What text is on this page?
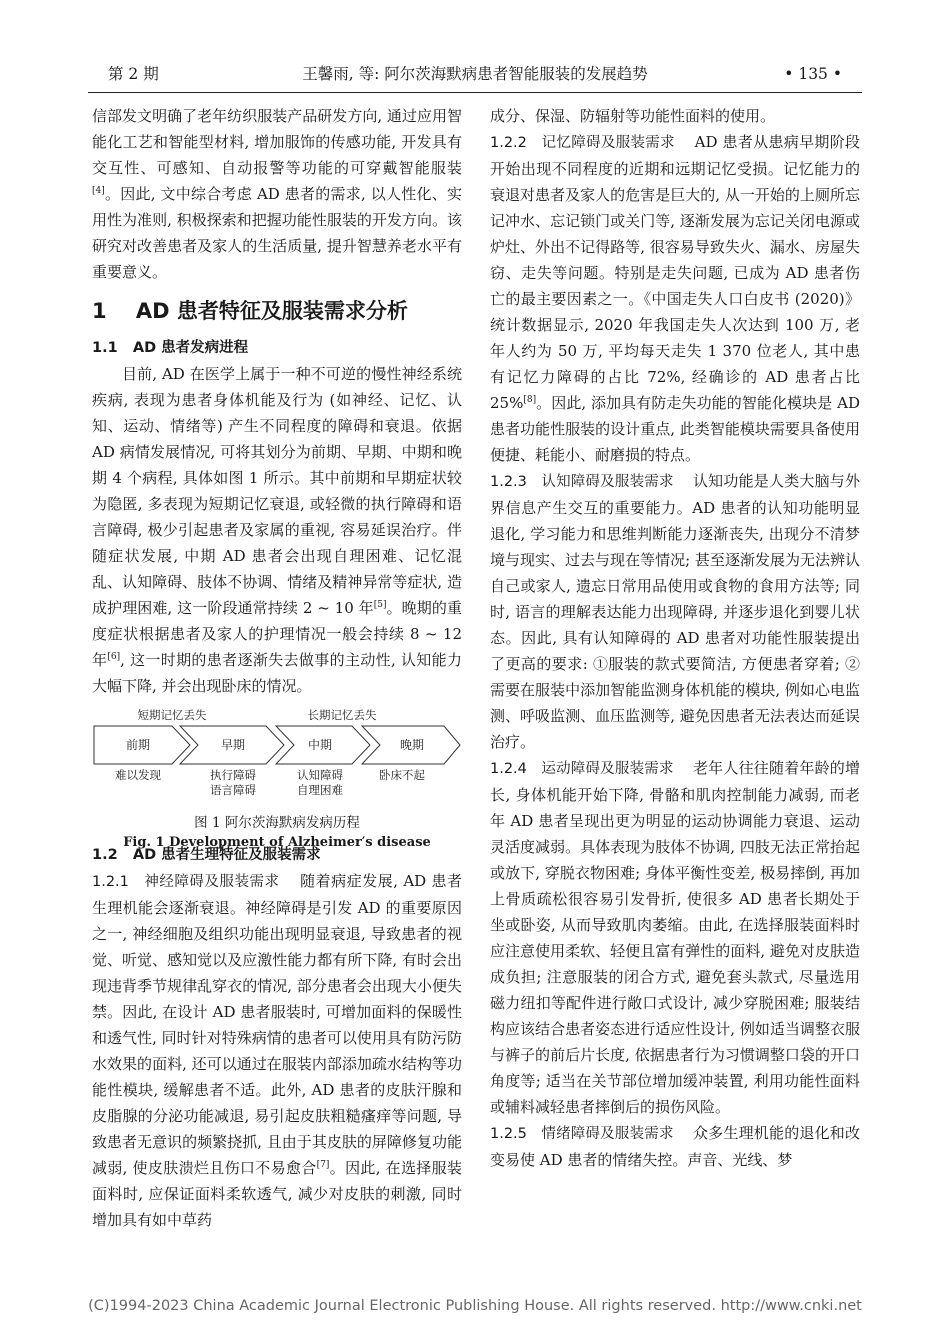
第 2 期	王馨雨, 等: 阿尔茨海默病患者智能服装的发展趋势	• 135 •

信部发文明确了老年纺织服装产品研发方向, 通过应用智能化工艺和智能型材料, 增加服饰的传感功能, 开发具有交互性、可感知、自动报警等功能的可穿戴智能服装[4]。因此, 文中综合考虑 AD 患者的需求, 以人性化、实用性为准则, 积极探索和把握功能性服装的开发方向。该研究对改善患者及家人的生活质量, 提升智慧养老水平有重要意义。

1 AD 患者特征及服装需求分析
1.1 AD 患者发病进程

目前, AD 在医学上属于一种不可逆的慢性神经系统疾病, 表现为患者身体机能及行为 (如神经、记忆、认知、运动、情绪等) 产生不同程度的障碍和衰退。依据 AD 病情发展情况, 可将其划分为前期、早期、中期和晚期 4 个病程, 具体如图 1 所示。其中前期和早期症状较为隐匿, 多表现为短期记忆衰退, 或轻微的执行障碍和语言障碍, 极少引起患者及家属的重视, 容易延误治疗。伴随症状发展, 中期 AD 患者会出现自理困难、记忆混乱、认知障碍、肢体不协调、情绪及精神异常等症状, 造成护理困难, 这一阶段通常持续 2 ~ 10 年[5]。晚期的重度症状根据患者及家人的护理情况一般会持续 8 ~ 12 年[6], 这一时期的患者逐渐失去做事的主动性, 认知能力大幅下降, 并会出现卧床的情况。

短期记忆丢失	长期记忆丢失
前期	早期	中期	晚期
难以发现	执行障碍
语言障碍
认知障碍
自理困难
卧床不起
图 1 阿尔茨海默病发病历程
Fig. 1 Development of Alzheimer′s disease
1.2 AD 患者生理特征及服装需求

1.2.1 神经障碍及服装需求 随着病症发展, AD 患者生理机能会逐渐衰退。神经障碍是引发 AD 的重要原因之一, 神经细胞及组织功能出现明显衰退, 导致患者的视觉、听觉、感知觉以及应激性能力都有所下降, 有时会出现违背季节规律乱穿衣的情况, 部分患者会出现大小便失禁。因此, 在设计 AD 患者服装时, 可增加面料的保暖性和透气性, 同时针对特殊病情的患者可以使用具有防污防水效果的面料, 还可以通过在服装内部添加疏水结构等功能性模块, 缓解患者不适。此外, AD 患者的皮肤汗腺和皮脂腺的分泌功能减退, 易引起皮肤粗糙瘙痒等问题, 导致患者无意识的频繁挠抓, 且由于其皮肤的屏障修复功能减弱, 使皮肤溃烂且伤口不易愈合[7]。因此, 在选择服装面料时, 应保证面料柔软透气, 减少对皮肤的刺激, 同时增加具有如中草药

成分、保湿、防辐射等功能性面料的使用。

1.2.2 记忆障碍及服装需求 AD 患者从患病早期阶段开始出现不同程度的近期和远期记忆受损。记忆能力的衰退对患者及家人的危害是巨大的, 从一开始的上厕所忘记冲水、忘记锁门或关门等, 逐渐发展为忘记关闭电源或炉灶、外出不记得路等, 很容易导致失火、漏水、房屋失窃、走失等问题。特别是走失问题, 已成为 AD 患者伤亡的最主要因素之一。《中国走失人口白皮书 (2020)》统计数据显示, 2020 年我国走失人次达到 100 万, 老年人约为 50 万, 平均每天走失 1 370 位老人, 其中患有记忆力障碍的占比 72%, 经确诊的 AD 患者占比 25%[8]。因此, 添加具有防走失功能的智能化模块是 AD 患者功能性服装的设计重点, 此类智能模块需要具备使用便捷、耗能小、耐磨损的特点。

1.2.3 认知障碍及服装需求 认知功能是人类大脑与外界信息产生交互的重要能力。AD 患者的认知功能明显退化, 学习能力和思维判断能力逐渐丧失, 出现分不清梦境与现实、过去与现在等情况; 甚至逐渐发展为无法辨认自己或家人, 遗忘日常用品使用或食物的食用方法等; 同时, 语言的理解表达能力出现障碍, 并逐步退化到婴儿状态。因此, 具有认知障碍的 AD 患者对功能性服装提出了更高的要求: ①服装的款式要简洁, 方便患者穿着; ②需要在服装中添加智能监测身体机能的模块, 例如心电监测、呼吸监测、血压监测等, 避免因患者无法表达而延误治疗。

1.2.4 运动障碍及服装需求 老年人往往随着年龄的增长, 身体机能开始下降, 骨骼和肌肉控制能力减弱, 而老年 AD 患者呈现出更为明显的运动协调能力衰退、运动灵活度减弱。具体表现为肢体不协调, 四肢无法正常抬起或放下, 穿脱衣物困难; 身体平衡性变差, 极易摔倒, 再加上骨质疏松很容易引发骨折, 使很多 AD 患者长期处于坐或卧姿, 从而导致肌肉萎缩。由此, 在选择服装面料时应注意使用柔软、轻便且富有弹性的面料, 避免对皮肤造成负担; 注意服装的闭合方式, 避免套头款式, 尽量选用磁力纽扣等配件进行敞口式设计, 减少穿脱困难; 服装结构应该结合患者姿态进行适应性设计, 例如适当调整衣服与裤子的前后片长度, 依据患者行为习惯调整口袋的开口角度等; 适当在关节部位增加缓冲装置, 利用功能性面料或辅料减轻患者摔倒后的损伤风险。

1.2.5 情绪障碍及服装需求 众多生理机能的退化和改变易使 AD 患者的情绪失控。声音、光线、梦

(C)1994-2023 China Academic Journal Electronic Publishing House. All rights reserved. http://www.cnki.net
